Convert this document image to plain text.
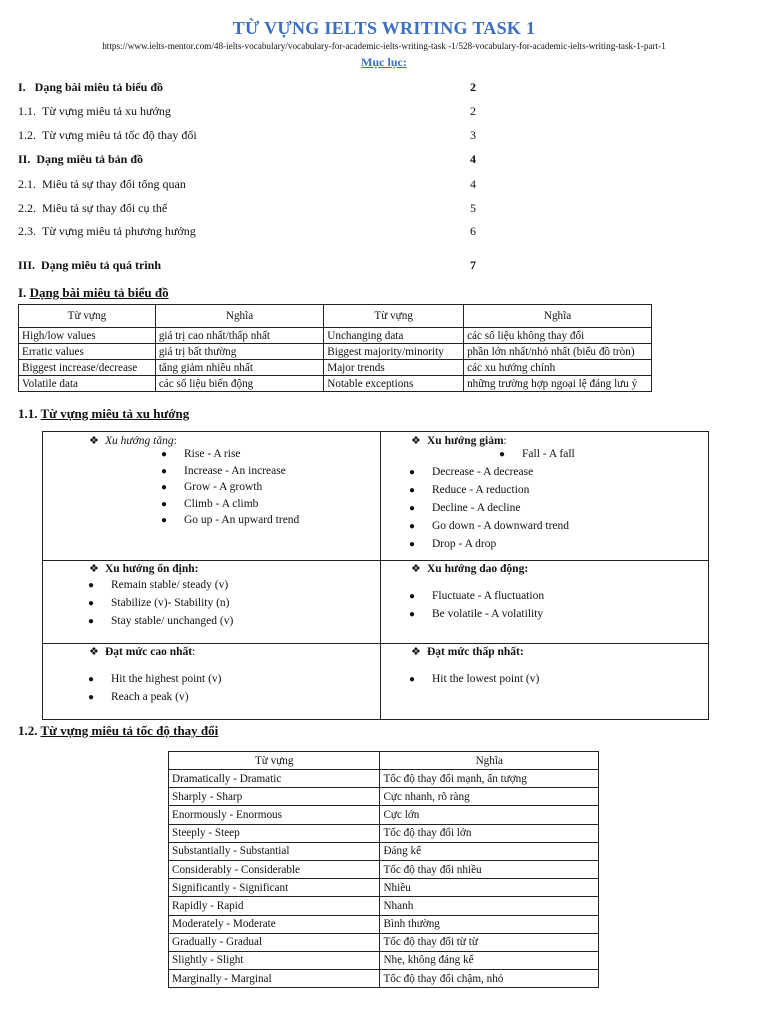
TỪ VỰNG IELTS WRITING TASK 1
https://www.ielts-mentor.com/48-ielts-vocabulary/vocabulary-for-academic-ielts-writing-task -1/528-vocabulary-for-academic-ielts-writing-task-1-part-1
Mục lục:
I. Dạng bài miêu tả biểu đồ	2
1.1. Từ vựng miêu tả xu hướng	2
1.2. Từ vựng miêu tả tốc độ thay đổi	3
II. Dạng miêu tả bản đồ	4
2.1. Miêu tả sự thay đổi tổng quan	4
2.2. Miêu tả sự thay đổi cụ thể	5
2.3. Từ vựng miêu tả phương hướng	6
III. Dạng miêu tả quá trình	7
I. Dạng bài miêu tả biểu đồ
Từ vựng	Nghĩa	Từ vựng	Nghĩa
High/low values	giá trị cao nhất/thấp nhất	Unchanging data	các số liệu không thay đổi
Erratic values	giá trị bất thường	Biggest majority/minority	phần lớn nhất/nhỏ nhất (biểu đồ tròn)
Biggest increase/decrease	tăng giảm nhiều nhất	Major trends	các xu hướng chính
Volatile data	các số liệu biến động	Notable exceptions	những trường hợp ngoại lệ đáng lưu ý
1.1. Từ vựng miêu tả xu hướng
❖ Xu hướng tăng:
● Rise - A rise
● Increase - An increase
● Grow - A growth
● Climb - A climb
● Go up - An upward trend
❖ Xu hướng giảm:
● Fall - A fall
● Decrease - A decrease
● Reduce - A reduction
● Decline - A decline
● Go down - A downward trend
● Drop - A drop
❖ Xu hướng ổn định:
● Remain stable/ steady (v)
● Stabilize (v)- Stability (n)
● Stay stable/ unchanged (v)
❖ Xu hướng dao động:
● Fluctuate - A fluctuation
● Be volatile - A volatility
❖ Đạt mức cao nhất:
● Hit the highest point (v)
● Reach a peak (v)
❖ Đạt mức thấp nhất:
● Hit the lowest point (v)
1.2. Từ vựng miêu tả tốc độ thay đổi
Từ vựng	Nghĩa
Dramatically - Dramatic	Tốc độ thay đổi mạnh, ấn tượng
Sharply - Sharp	Cực nhanh, rõ ràng
Enormously - Enormous	Cực lớn
Steeply - Steep	Tốc độ thay đổi lớn
Substantially - Substantial	Đáng kể
Considerably - Considerable	Tốc độ thay đổi nhiều
Significantly - Significant	Nhiều
Rapidly - Rapid	Nhanh
Moderately - Moderate	Bình thường
Gradually - Gradual	Tốc độ thay đổi từ từ
Slightly - Slight	Nhẹ, không đáng kể
Marginally - Marginal	Tốc độ thay đổi chậm, nhỏ
